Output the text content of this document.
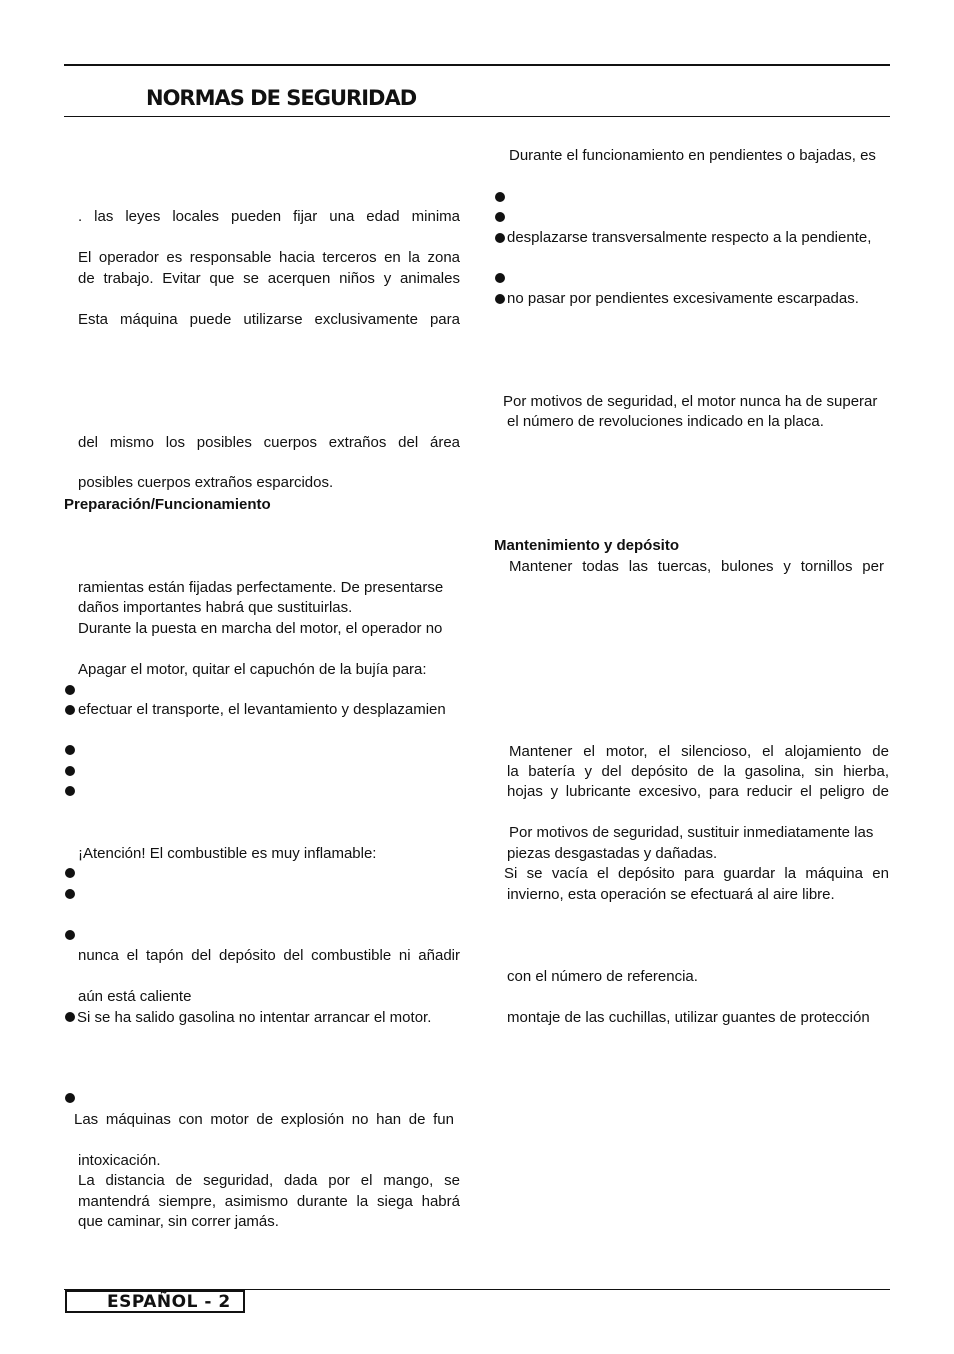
NORMAS DE SEGURIDAD
. las leyes locales pueden fijar una edad minima
El operador es responsable hacia terceros en la zona
de trabajo. Evitar que se acerquen niños y animales
Esta máquina puede utilizarse exclusivamente para
del mismo los posibles cuerpos extraños del área
posibles cuerpos extraños esparcidos.
Preparación/Funcionamiento
ramientas están fijadas perfectamente. De presentarse
daños importantes habrá que sustituirlas.
Durante la puesta en marcha del motor, el operador no
Apagar el motor, quitar el capuchón de la bujía para:
efectuar el transporte, el levantamiento y desplazamien
¡Atención! El combustible es muy inflamable:
nunca el tapón del depósito del combustible ni añadir
aún está caliente
Si se ha salido gasolina no intentar arrancar el motor.
Las máquinas con motor de explosión no han de fun
intoxicación.
La distancia de seguridad, dada por el mango, se
mantendrá siempre, asimismo durante la siega habrá
que caminar, sin correr jamás.
Durante el funcionamiento en pendientes o bajadas, es
desplazarse transversalmente respecto a la pendiente,
no pasar por pendientes excesivamente escarpadas.
Por motivos de seguridad, el motor nunca ha de superar
el número de revoluciones indicado en la placa.
Mantenimiento y depósito
Mantener todas las tuercas, bulones y tornillos per
Mantener el motor, el silencioso, el alojamiento de
la batería y del depósito de la gasolina, sin hierba,
hojas y lubricante excesivo, para reducir el peligro de
Por motivos de seguridad, sustituir inmediatamente las
piezas desgastadas y dañadas.
Si se vacía el depósito para guardar la máquina en
invierno, esta operación se efectuará al aire libre.
con el número de referencia.
montaje de las cuchillas, utilizar guantes de protección
ESPAÑOL - 2
